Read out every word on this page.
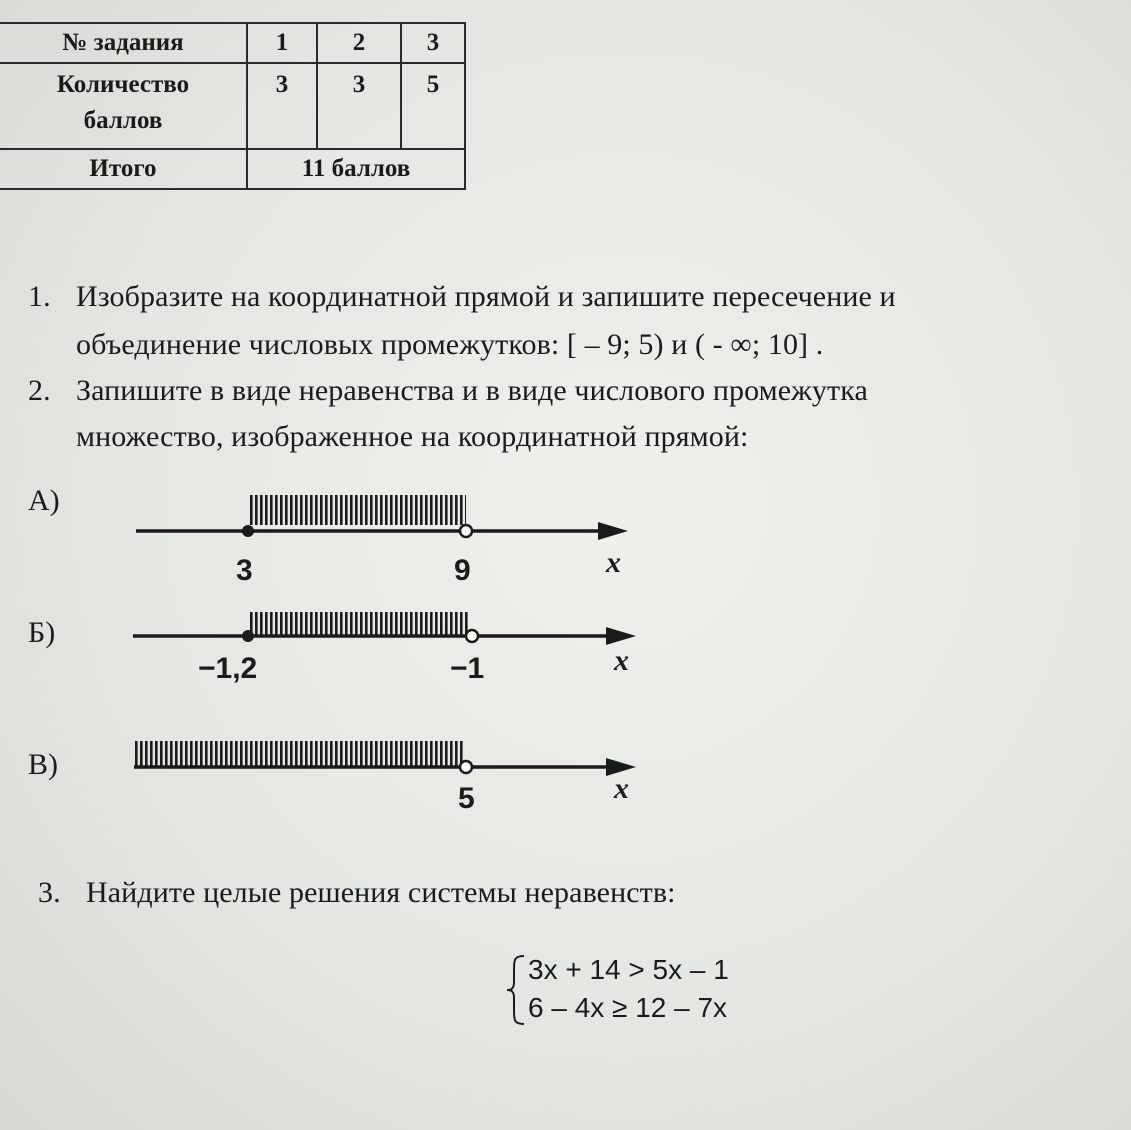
№ задания	1	2	3

Количество
баллов	3	3	5
Итого	11 баллов		
1. Изобразите на координатной прямой и запишите пересечение и
объединение числовых промежутков: [ – 9; 5) и ( - ∞; 10] .
2. Запишите в виде неравенства и в виде числового промежутка
множество, изображенное на координатной прямой:
А)
Б)
В)
3	9	x
−1,2	−1	x
5	x
3. Найдите целые решения системы неравенств:
3x + 14 > 5x – 1
6 – 4x ≥ 12 – 7x
